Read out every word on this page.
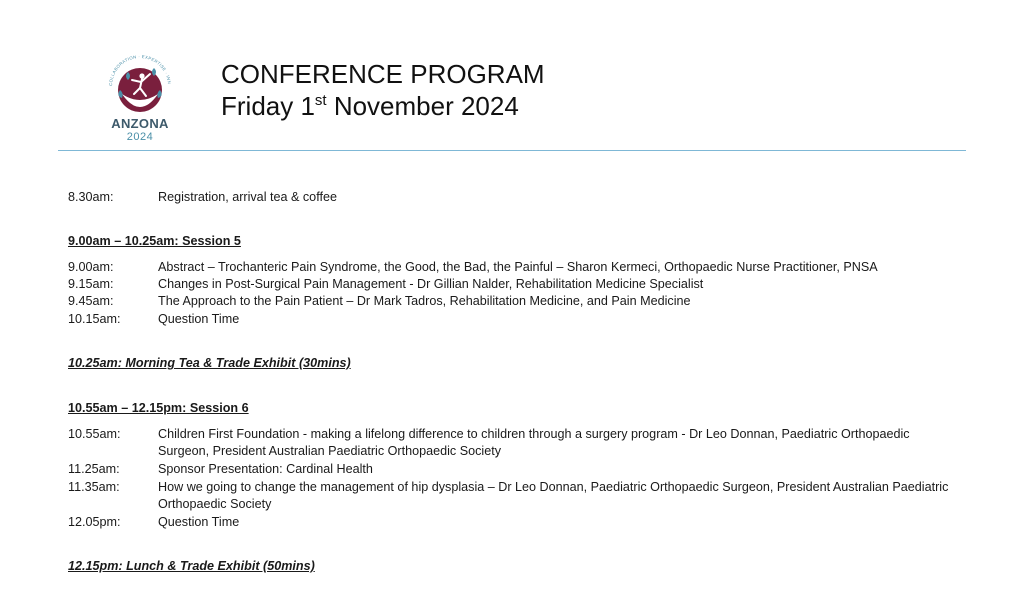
COLLABORATION · EXPERTISE · INN
ANZONA
2024
CONFERENCE PROGRAM
Friday 1st November 2024
8.30am:	Registration, arrival tea & coffee
9.00am – 10.25am: Session 5
9.00am:	Abstract – Trochanteric Pain Syndrome, the Good, the Bad, the Painful – Sharon Kermeci, Orthopaedic Nurse Practitioner, PNSA
9.15am:	Changes in Post-Surgical Pain Management - Dr Gillian Nalder, Rehabilitation Medicine Specialist
9.45am:	The Approach to the Pain Patient – Dr Mark Tadros, Rehabilitation Medicine, and Pain Medicine
10.15am:	Question Time
10.25am: Morning Tea & Trade Exhibit (30mins)
10.55am – 12.15pm: Session 6
10.55am:	Children First Foundation - making a lifelong difference to children through a surgery program - Dr Leo Donnan, Paediatric Orthopaedic Surgeon, President Australian Paediatric Orthopaedic Society
11.25am:	Sponsor Presentation: Cardinal Health
11.35am:	How we going to change the management of hip dysplasia – Dr Leo Donnan, Paediatric Orthopaedic Surgeon, President Australian Paediatric Orthopaedic Society
12.05pm:	Question Time
12.15pm: Lunch & Trade Exhibit (50mins)
